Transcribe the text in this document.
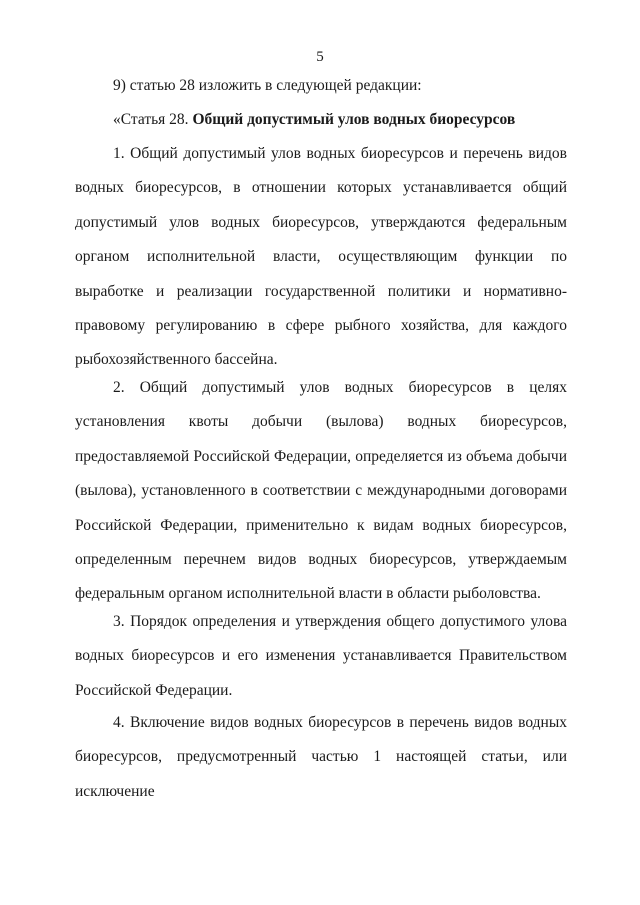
5
9) статью 28 изложить в следующей редакции:
«Статья 28. Общий допустимый улов водных биоресурсов

1. Общий допустимый улов водных биоресурсов и перечень видов водных биоресурсов, в отношении которых устанавливается общий допустимый улов водных биоресурсов, утверждаются федеральным органом исполнительной власти, осуществляющим функции по выработке и реализации государственной политики и нормативно-правовому регулированию в сфере рыбного хозяйства, для каждого рыбохозяйственного бассейна.

2. Общий допустимый улов водных биоресурсов в целях установления квоты добычи (вылова) водных биоресурсов, предоставляемой Российской Федерации, определяется из объема добычи (вылова), установленного в соответствии с международными договорами Российской Федерации, применительно к видам водных биоресурсов, определенным перечнем видов водных биоресурсов, утверждаемым федеральным органом исполнительной власти в области рыболовства.

3. Порядок определения и утверждения общего допустимого улова водных биоресурсов и его изменения устанавливается Правительством Российской Федерации.

4. Включение видов водных биоресурсов в перечень видов водных биоресурсов, предусмотренный частью 1 настоящей статьи, или исключение
